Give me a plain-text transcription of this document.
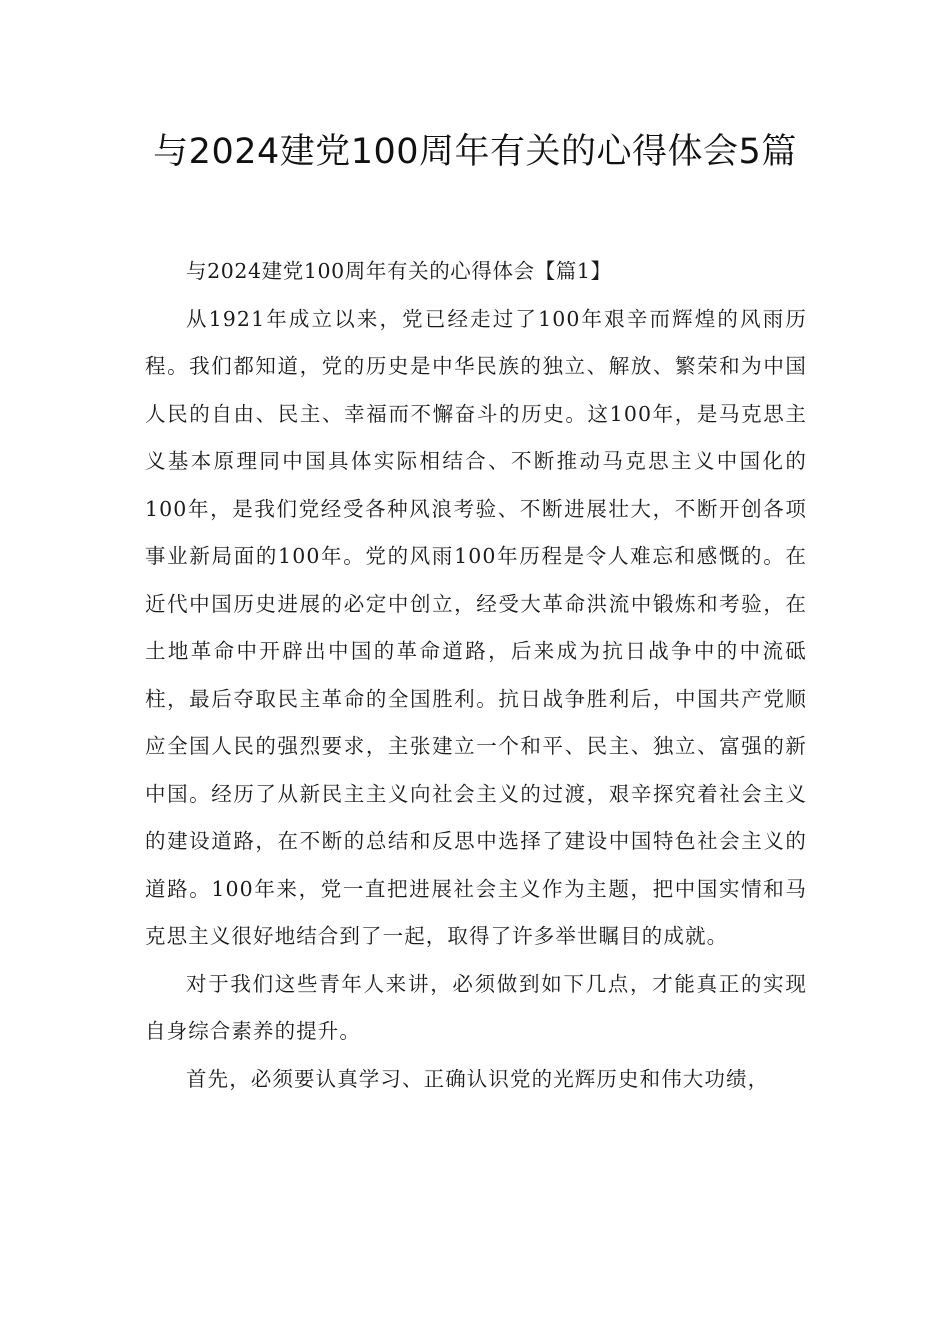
与2024建党100周年有关的心得体会5篇

与2024建党100周年有关的心得体会【篇1】

从1921年成立以来，党已经走过了100年艰辛而辉煌的风雨历程。我们都知道，党的历史是中华民族的独立、解放、繁荣和为中国人民的自由、民主、幸福而不懈奋斗的历史。这100年，是马克思主义基本原理同中国具体实际相结合、不断推动马克思主义中国化的100年，是我们党经受各种风浪考验、不断进展壮大，不断开创各项事业新局面的100年。党的风雨100年历程是令人难忘和感慨的。在近代中国历史进展的必定中创立，经受大革命洪流中锻炼和考验，在土地革命中开辟出中国的革命道路，后来成为抗日战争中的中流砥柱，最后夺取民主革命的全国胜利。抗日战争胜利后，中国共产党顺应全国人民的强烈要求，主张建立一个和平、民主、独立、富强的新中国。经历了从新民主主义向社会主义的过渡，艰辛探究着社会主义的建设道路，在不断的总结和反思中选择了建设中国特色社会主义的道路。100年来，党一直把进展社会主义作为主题，把中国实情和马克思主义很好地结合到了一起，取得了许多举世瞩目的成就。

对于我们这些青年人来讲，必须做到如下几点，才能真正的实现自身综合素养的提升。

首先，必须要认真学习、正确认识党的光辉历史和伟大功绩，
